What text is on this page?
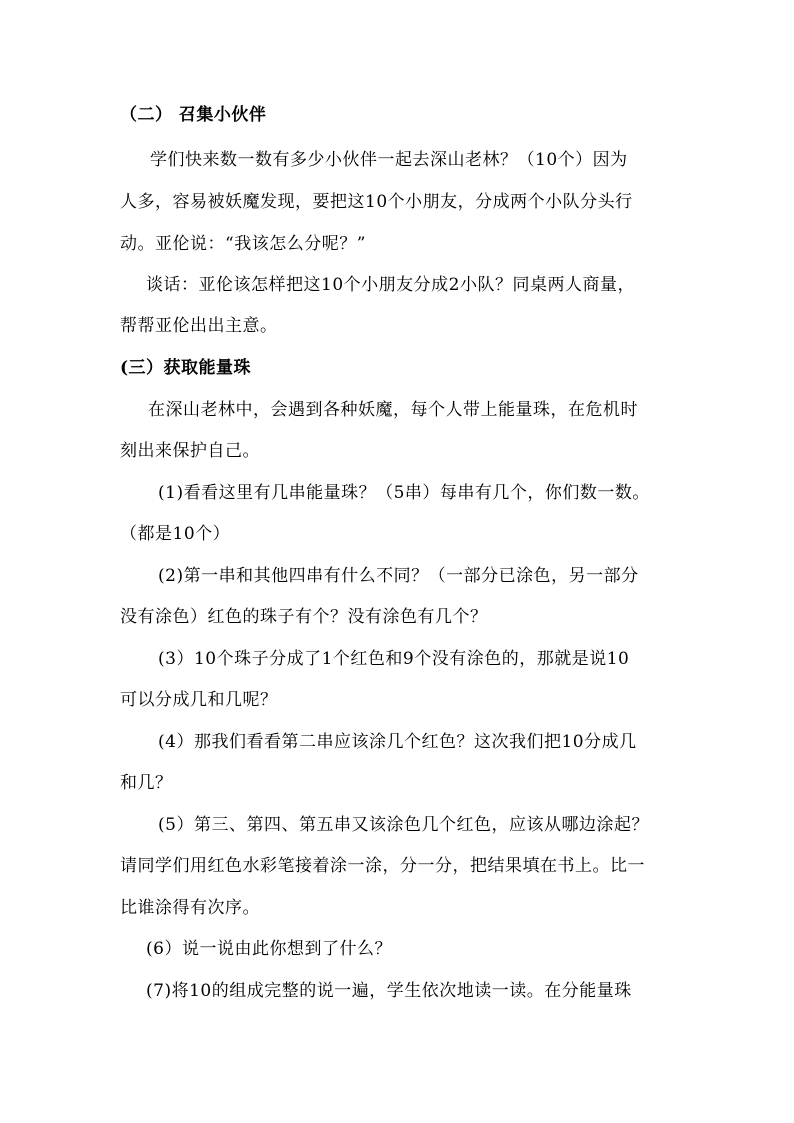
（二） 召集小伙伴
学们快来数一数有多少小伙伴一起去深山老林？（10个）因为
人多，容易被妖魔发现，要把这10个小朋友，分成两个小队分头行
动。亚伦说：“我该怎么分呢？”
谈话：亚伦该怎样把这10个小朋友分成2小队？同桌两人商量，
帮帮亚伦出出主意。
(三）获取能量珠
在深山老林中，会遇到各种妖魔，每个人带上能量珠，在危机时
刻出来保护自己。
(1)看看这里有几串能量珠？（5串）每串有几个，你们数一数。
（都是10个）
(2)第一串和其他四串有什么不同？（一部分已涂色，另一部分
没有涂色）红色的珠子有个？没有涂色有几个？
(3）10个珠子分成了1个红色和9个没有涂色的，那就是说10
可以分成几和几呢？
(4）那我们看看第二串应该涂几个红色？这次我们把10分成几
和几？
(5）第三、第四、第五串又该涂色几个红色，应该从哪边涂起？
请同学们用红色水彩笔接着涂一涂，分一分，把结果填在书上。比一
比谁涂得有次序。
(6）说一说由此你想到了什么？
(7)将10的组成完整的说一遍，学生依次地读一读。在分能量珠
